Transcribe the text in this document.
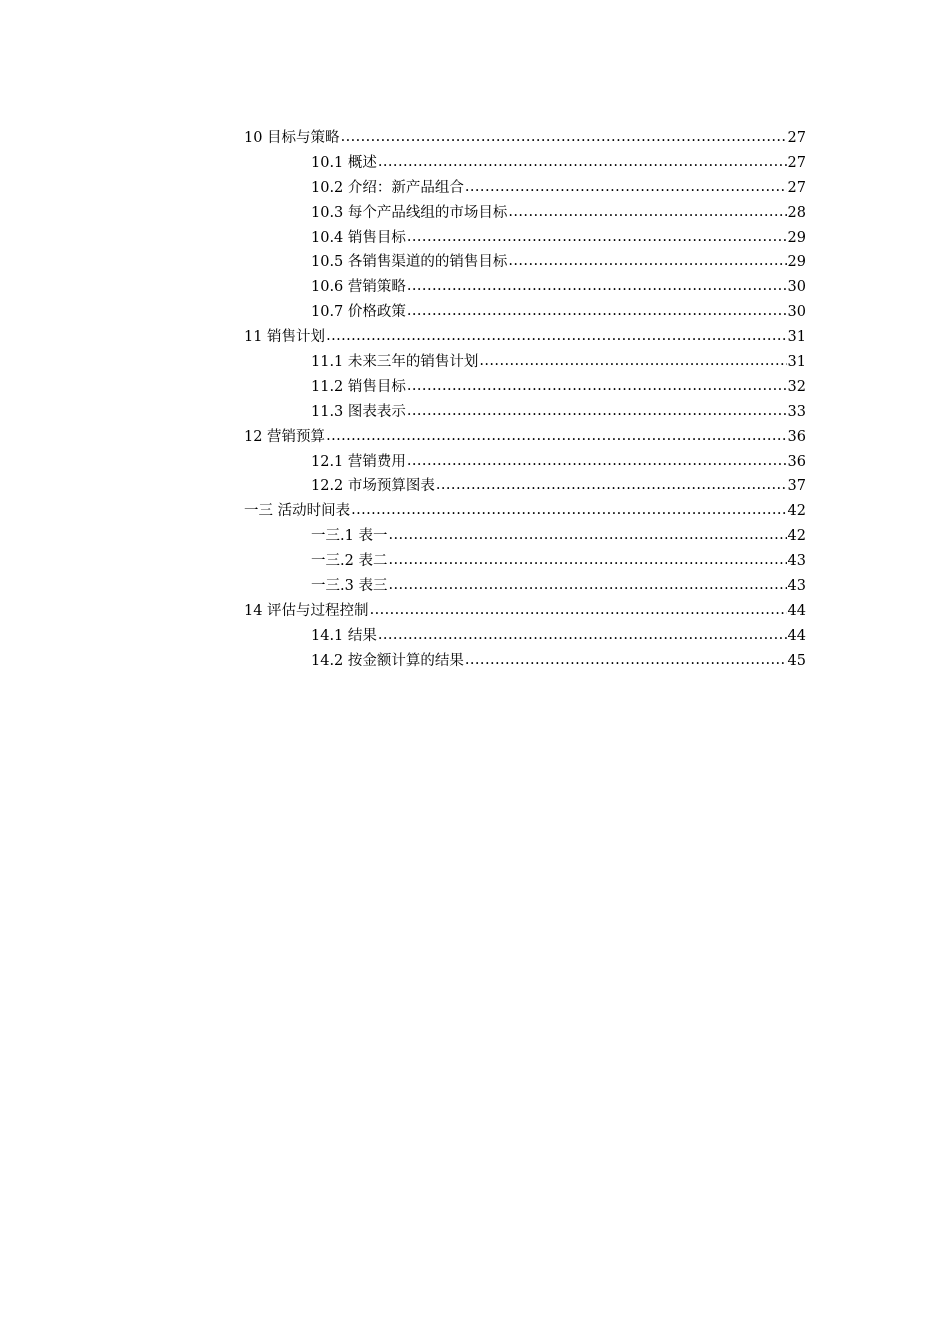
10 目标与策略 .....	27
10.1 概述 .....	27
10.2 介绍：新产品组合 .....	27
10.3 每个产品线组的市场目标 .....	28
10.4 销售目标 .....	29
10.5 各销售渠道的的销售目标 .....	29
10.6 营销策略 .....	30
10.7 价格政策 .....	30
11 销售计划 .....	31
11.1 未来三年的销售计划 .....	31
11.2 销售目标 .....	32
11.3 图表表示 .....	33
12 营销预算 .....	36
12.1 营销费用 .....	36
12.2 市场预算图表 .....	37
一三 活动时间表 .....	42
一三.1 表一 .....	42
一三.2 表二 .....	43
一三.3 表三 .....	43
14 评估与过程控制 .....	44
14.1 结果 .....	44
14.2 按金额计算的结果 .....	45
